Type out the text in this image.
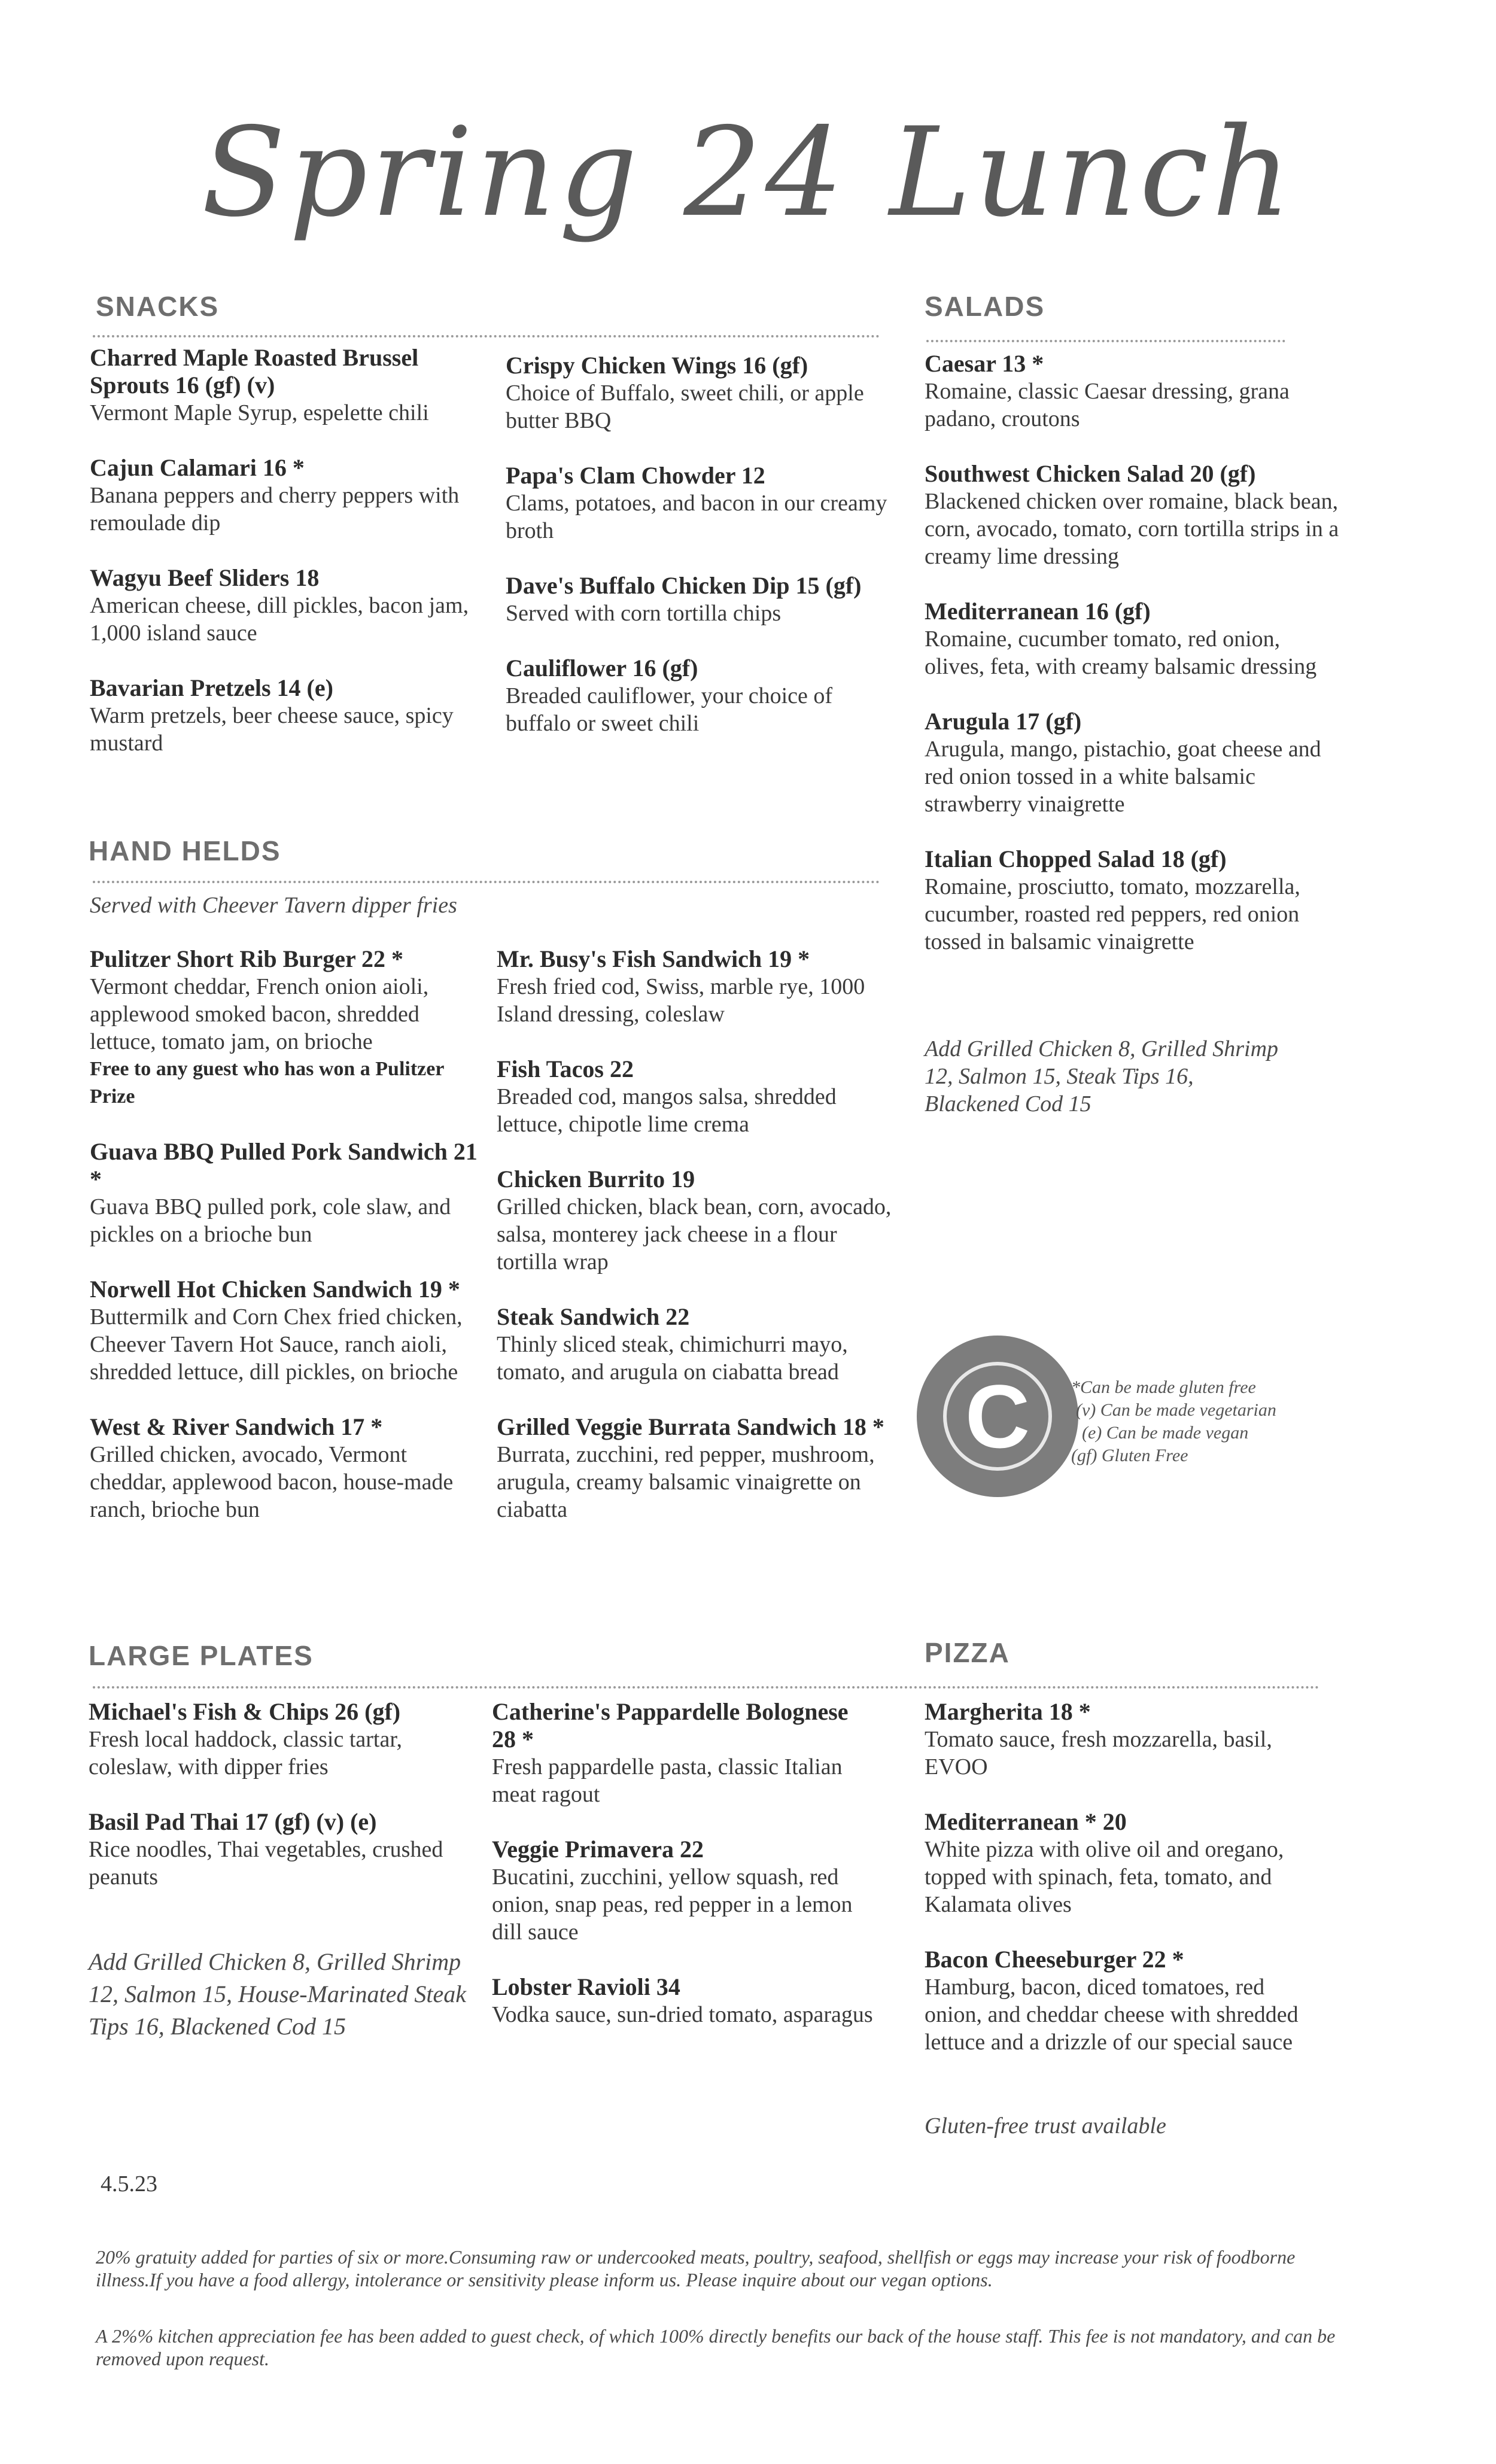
Spring 24 Lunch
SNACKS
Charred Maple Roasted Brussel Sprouts 16 (gf) (v)
Vermont Maple Syrup, espelette chili
Cajun Calamari 16 *
Banana peppers and cherry peppers with remoulade dip
Wagyu Beef Sliders 18
American cheese, dill pickles, bacon jam, 1,000 island sauce
Bavarian Pretzels 14 (e)
Warm pretzels, beer cheese sauce, spicy mustard
Crispy Chicken Wings 16 (gf)
Choice of Buffalo, sweet chili, or apple butter BBQ
Papa's Clam Chowder 12
Clams, potatoes, and bacon in our creamy broth
Dave's Buffalo Chicken Dip 15 (gf)
Served with corn tortilla chips
Cauliflower 16 (gf)
Breaded cauliflower, your choice of buffalo or sweet chili
SALADS
Caesar 13 *
Romaine, classic Caesar dressing, grana padano, croutons
Southwest Chicken Salad 20 (gf)
Blackened chicken over romaine, black bean, corn, avocado, tomato, corn tortilla strips in a creamy lime dressing
Mediterranean 16 (gf)
Romaine, cucumber tomato, red onion, olives, feta, with creamy balsamic dressing
Arugula 17 (gf)
Arugula, mango, pistachio, goat cheese and red onion tossed in a white balsamic strawberry vinaigrette
Italian Chopped Salad 18 (gf)
Romaine, prosciutto, tomato, mozzarella, cucumber, roasted red peppers, red onion tossed in balsamic vinaigrette
Add Grilled Chicken 8, Grilled Shrimp 12, Salmon 15, Steak Tips 16, Blackened Cod 15
HAND HELDS
Served with Cheever Tavern dipper fries
Pulitzer Short Rib Burger 22 *
Vermont cheddar, French onion aioli, applewood smoked bacon, shredded lettuce, tomato jam, on brioche
Free to any guest who has won a Pulitzer Prize
Guava BBQ Pulled Pork Sandwich 21 *
Guava BBQ pulled pork, cole slaw, and pickles on a brioche bun
Norwell Hot Chicken Sandwich 19 *
Buttermilk and Corn Chex fried chicken, Cheever Tavern Hot Sauce, ranch aioli, shredded lettuce, dill pickles, on brioche
West & River Sandwich 17 *
Grilled chicken, avocado, Vermont cheddar, applewood bacon, house-made ranch, brioche bun
Mr. Busy's Fish Sandwich 19 *
Fresh fried cod, Swiss, marble rye, 1000 Island dressing, coleslaw
Fish Tacos 22
Breaded cod, mangos salsa, shredded lettuce, chipotle lime crema
Chicken Burrito 19
Grilled chicken, black bean, corn, avocado, salsa, monterey jack cheese in a flour tortilla wrap
Steak Sandwich 22
Thinly sliced steak, chimichurri mayo, tomato, and arugula on ciabatta bread
Grilled Veggie Burrata Sandwich 18 *
Burrata, zucchini, red pepper, mushroom, arugula, creamy balsamic vinaigrette on ciabatta
C	*Can be made gluten free
(v) Can be made vegetarian
(e) Can be made vegan
(gf) Gluten Free
LARGE PLATES	PIZZA
Michael's Fish & Chips 26 (gf)
Fresh local haddock, classic tartar, coleslaw, with dipper fries
Basil Pad Thai 17 (gf) (v) (e)
Rice noodles, Thai vegetables, crushed peanuts
Add Grilled Chicken 8, Grilled Shrimp 12, Salmon 15, House-Marinated Steak Tips 16, Blackened Cod 15
Catherine's Pappardelle Bolognese 28 *
Fresh pappardelle pasta, classic Italian meat ragout
Veggie Primavera 22
Bucatini, zucchini, yellow squash, red onion, snap peas, red pepper in a lemon dill sauce
Lobster Ravioli 34
Vodka sauce, sun-dried tomato, asparagus
Margherita 18 *
Tomato sauce, fresh mozzarella, basil, EVOO
Mediterranean * 20
White pizza with olive oil and oregano, topped with spinach, feta, tomato, and Kalamata olives
Bacon Cheeseburger 22 *
Hamburg, bacon, diced tomatoes, red onion, and cheddar cheese with shredded lettuce and a drizzle of our special sauce
Gluten-free trust available
4.5.23
20% gratuity added for parties of six or more.Consuming raw or undercooked meats, poultry, seafood, shellfish or eggs may increase your risk of foodborne illness.If you have a food allergy, intolerance or sensitivity please inform us. Please inquire about our vegan options.
A 2%% kitchen appreciation fee has been added to guest check, of which 100% directly benefits our back of the house staff. This fee is not mandatory, and can be removed upon request.
